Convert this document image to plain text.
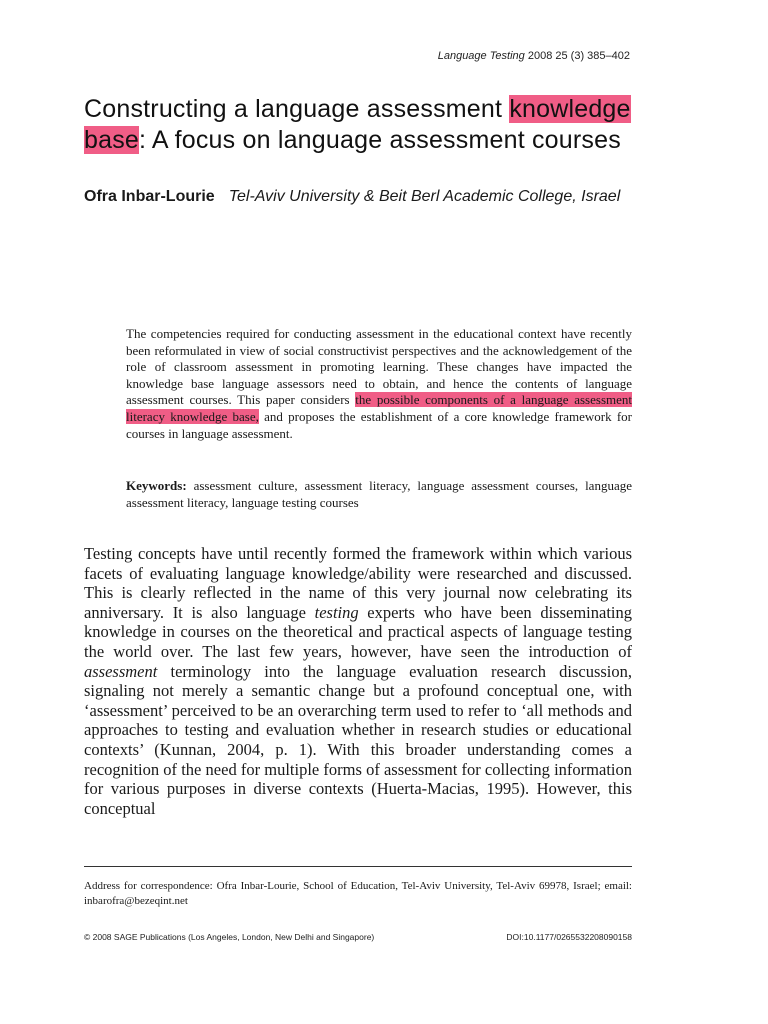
Language Testing 2008 25 (3) 385–402
Constructing a language assessment knowledge base: A focus on language assessment courses
Ofra Inbar-Lourie Tel-Aviv University & Beit Berl Academic College, Israel

The competencies required for conducting assessment in the educational context have recently been reformulated in view of social constructivist perspectives and the acknowledgement of the role of classroom assessment in promoting learning. These changes have impacted the knowledge base language assessors need to obtain, and hence the contents of language assessment courses. This paper considers the possible components of a language assessment literacy knowledge base, and proposes the establishment of a core knowledge framework for courses in language assessment.

Keywords: assessment culture, assessment literacy, language assessment courses, language assessment literacy, language testing courses

Testing concepts have until recently formed the framework within which various facets of evaluating language knowledge/ability were researched and discussed. This is clearly reflected in the name of this very journal now celebrating its anniversary. It is also language testing experts who have been disseminating knowledge in courses on the theoretical and practical aspects of language testing the world over. The last few years, however, have seen the introduction of assessment terminology into the language evaluation research discussion, signaling not merely a semantic change but a profound conceptual one, with ‘assessment’ perceived to be an overarching term used to refer to ‘all methods and approaches to testing and evaluation whether in research studies or educational contexts’ (Kunnan, 2004, p. 1). With this broader understanding comes a recognition of the need for multiple forms of assessment for collecting information for various purposes in diverse contexts (Huerta-Macias, 1995). However, this conceptual

Address for correspondence: Ofra Inbar-Lourie, School of Education, Tel-Aviv University, Tel-Aviv 69978, Israel; email: inbarofra@bezeqint.net

© 2008 SAGE Publications (Los Angeles, London, New Delhi and Singapore)	DOI:10.1177/0265532208090158
